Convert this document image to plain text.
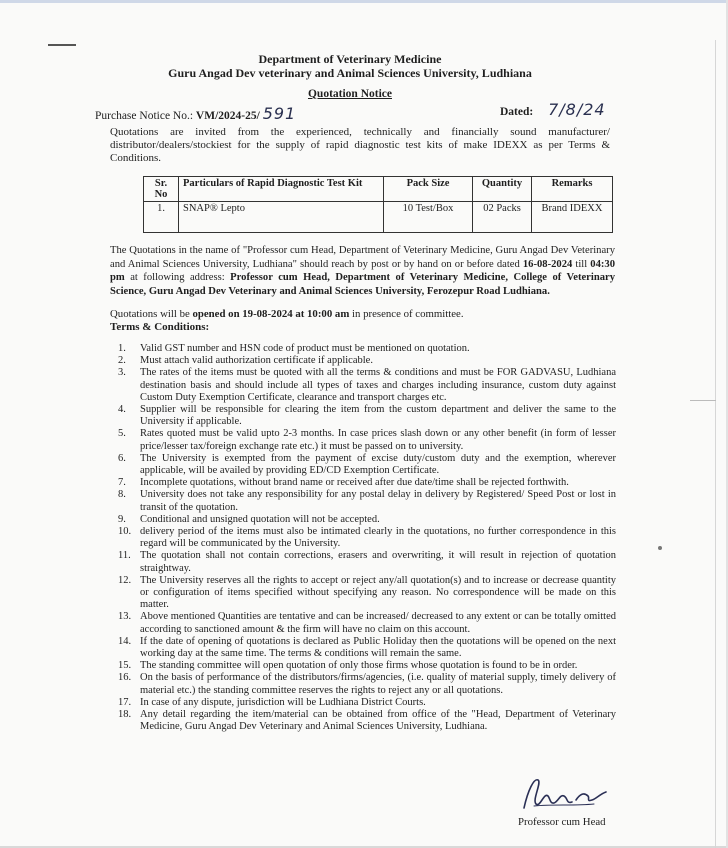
Department of Veterinary Medicine
Guru Angad Dev veterinary and Animal Sciences University, Ludhiana
Quotation Notice
Purchase Notice No.: VM/2024-25/ 591	Dated: 7/8/24
Quotations are invited from the experienced, technically and financially sound manufacturer/ distributor/dealers/stockiest for the supply of rapid diagnostic test kits of make IDEXX as per Terms & Conditions.
Sr. No	Particulars of Rapid Diagnostic Test Kit	Pack Size	Quantity	Remarks
1.	SNAP® Lepto	10 Test/Box	02 Packs	Brand IDEXX
The Quotations in the name of "Professor cum Head, Department of Veterinary Medicine, Guru Angad Dev Veterinary and Animal Sciences University, Ludhiana" should reach by post or by hand on or before dated 16-08-2024 till 04:30 pm at following address: Professor cum Head, Department of Veterinary Medicine, College of Veterinary Science, Guru Angad Dev Veterinary and Animal Sciences University, Ferozepur Road Ludhiana.
Quotations will be opened on 19-08-2024 at 10:00 am in presence of committee.
Terms & Conditions:
1. Valid GST number and HSN code of product must be mentioned on quotation.
2. Must attach valid authorization certificate if applicable.
3. The rates of the items must be quoted with all the terms & conditions and must be FOR GADVASU, Ludhiana destination basis and should include all types of taxes and charges including insurance, custom duty against Custom Duty Exemption Certificate, clearance and transport charges etc.
4. Supplier will be responsible for clearing the item from the custom department and deliver the same to the University if applicable.
5. Rates quoted must be valid upto 2-3 months. In case prices slash down or any other benefit (in form of lesser price/lesser tax/foreign exchange rate etc.) it must be passed on to university.
6. The University is exempted from the payment of excise duty/custom duty and the exemption, wherever applicable, will be availed by providing ED/CD Exemption Certificate.
7. Incomplete quotations, without brand name or received after due date/time shall be rejected forthwith.
8. University does not take any responsibility for any postal delay in delivery by Registered/ Speed Post or lost in transit of the quotation.
9. Conditional and unsigned quotation will not be accepted.
10. delivery period of the items must also be intimated clearly in the quotations, no further correspondence in this regard will be communicated by the University.
11. The quotation shall not contain corrections, erasers and overwriting, it will result in rejection of quotation straightway.
12. The University reserves all the rights to accept or reject any/all quotation(s) and to increase or decrease quantity or configuration of items specified without specifying any reason. No correspondence will be made on this matter.
13. Above mentioned Quantities are tentative and can be increased/ decreased to any extent or can be totally omitted according to sanctioned amount & the firm will have no claim on this account.
14. If the date of opening of quotations is declared as Public Holiday then the quotations will be opened on the next working day at the same time. The terms & conditions will remain the same.
15. The standing committee will open quotation of only those firms whose quotation is found to be in order.
16. On the basis of performance of the distributors/firms/agencies, (i.e. quality of material supply, timely delivery of material etc.) the standing committee reserves the rights to reject any or all quotations.
17. In case of any dispute, jurisdiction will be Ludhiana District Courts.
18. Any detail regarding the item/material can be obtained from office of the "Head, Department of Veterinary Medicine, Guru Angad Dev Veterinary and Animal Sciences University, Ludhiana.
Professor cum Head
